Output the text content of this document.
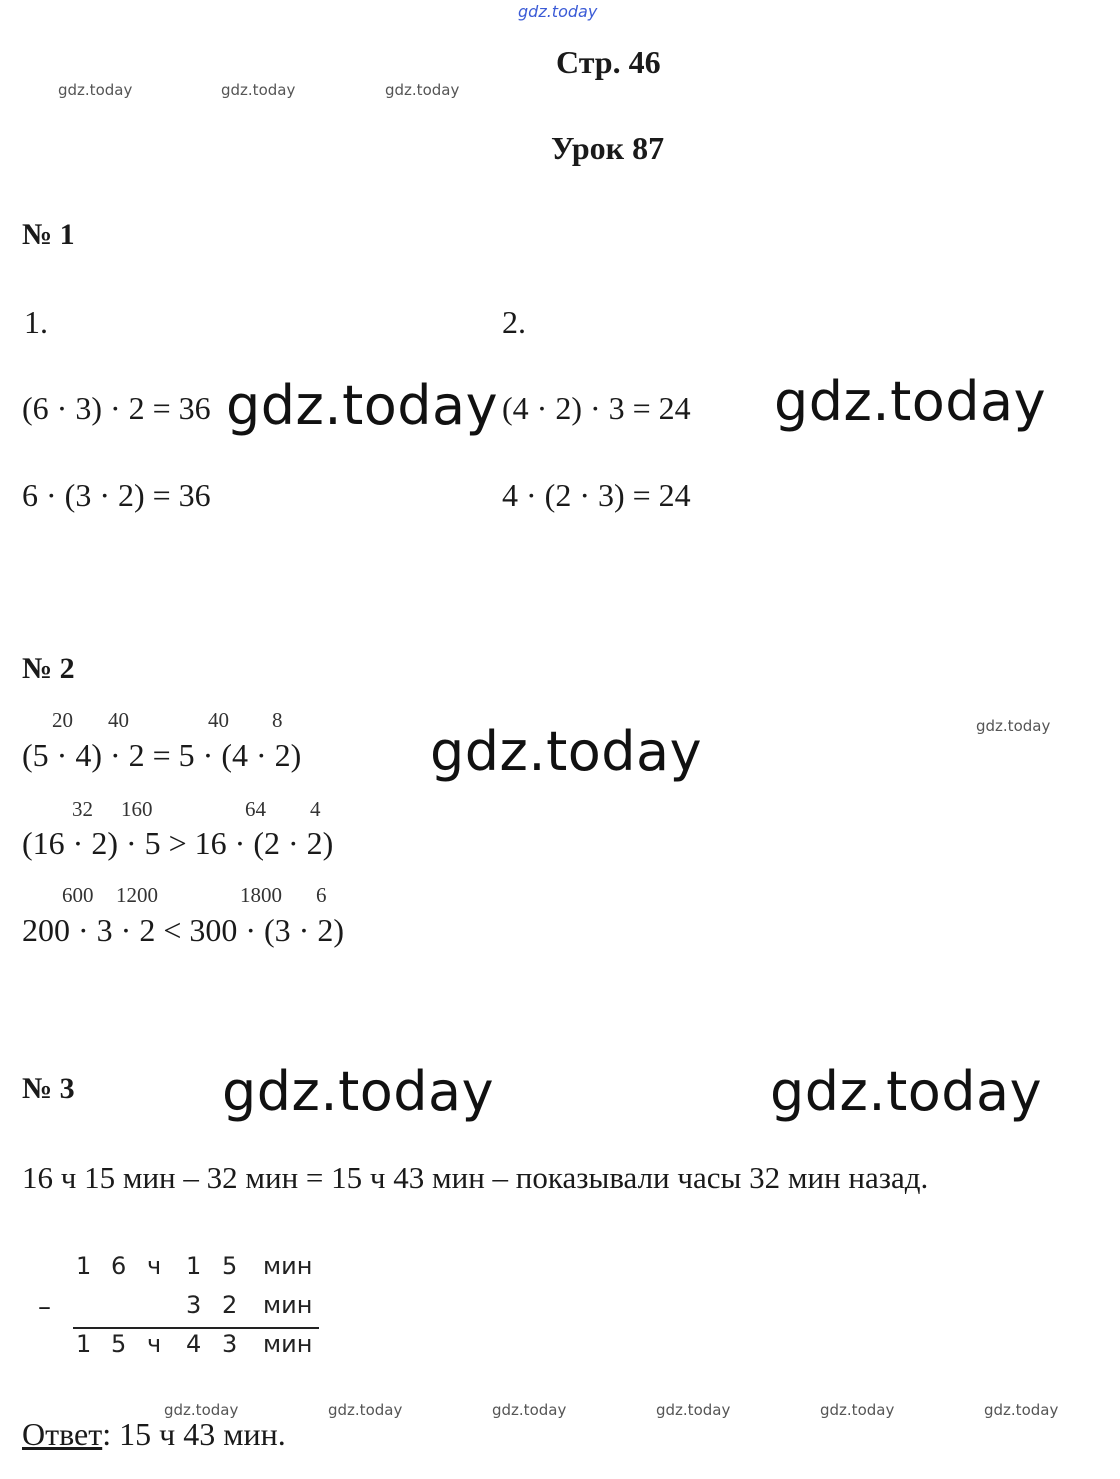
gdz.today
Стр. 46
Урок 87
gdz.today	gdz.today	gdz.today
№ 1
1.	2.
(6 · 3) · 2 = 36
6 · (3 · 2) = 36
(4 · 2) · 3 = 24
4 · (2 · 3) = 24
gdz.today	gdz.today
№ 2
20 40	40 8
(5 · 4) · 2 = 5 · (4 · 2)
32 160	64 4
(16 · 2) · 5 > 16 · (2 · 2)
600 1200	1800 6
200 · 3 · 2 < 300 · (3 · 2)
gdz.today	gdz.today
№ 3	gdz.today	gdz.today
16 ч 15 мин – 32 мин = 15 ч 43 мин – показывали часы 32 мин назад.
1 6 ч 1 5 мин
–	3 2 мин
1 5 ч 4 3 мин
gdz.today	gdz.today	gdz.today	gdz.today	gdz.today	gdz.today
Ответ: 15 ч 43 мин.
